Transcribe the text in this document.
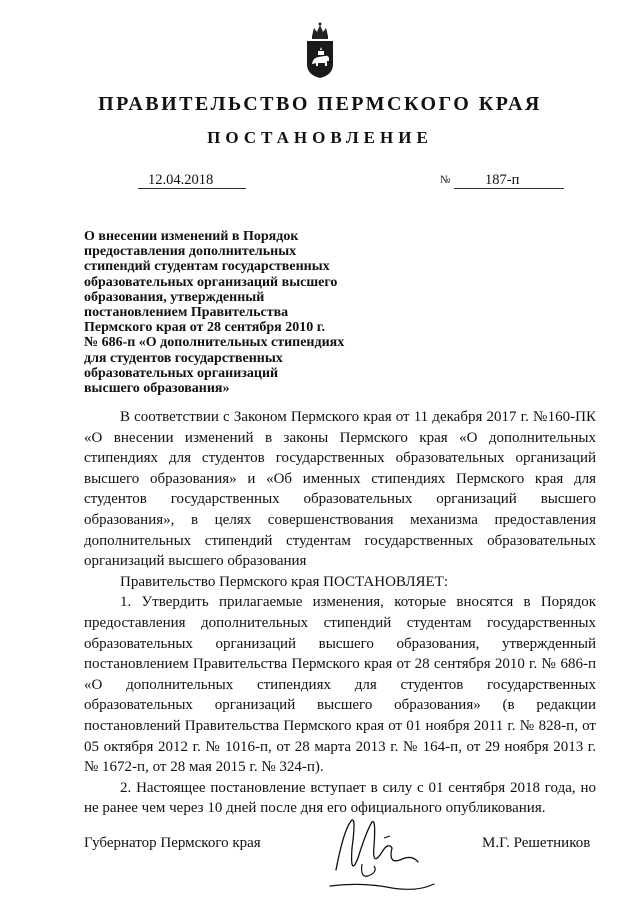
ПРАВИТЕЛЬСТВО ПЕРМСКОГО КРАЯ
ПОСТАНОВЛЕНИЕ
12.04.2018	№ 187-п
О внесении изменений в Порядок
предоставления дополнительных
стипендий студентам государственных
образовательных организаций высшего
образования, утвержденный
постановлением Правительства
Пермского края от 28 сентября 2010 г.
№ 686-п «О дополнительных стипендиях
для студентов государственных
образовательных организаций
высшего образования»

В соответствии с Законом Пермского края от 11 декабря 2017 г. №160-ПК «О внесении изменений в законы Пермского края «О дополнительных стипендиях для студентов государственных образовательных организаций высшего образования» и «Об именных стипендиях Пермского края для студентов государственных образовательных организаций высшего образования», в целях совершенствования механизма предоставления дополнительных стипендий студентам государственных образовательных организаций высшего образования

Правительство Пермского края ПОСТАНОВЛЯЕТ:

1. Утвердить прилагаемые изменения, которые вносятся в Порядок предоставления дополнительных стипендий студентам государственных образовательных организаций высшего образования, утвержденный постановлением Правительства Пермского края от 28 сентября 2010 г. № 686-п «О дополнительных стипендиях для студентов государственных образовательных организаций высшего образования» (в редакции постановлений Правительства Пермского края от 01 ноября 2011 г. № 828-п, от 05 октября 2012 г. № 1016-п, от 28 марта 2013 г. № 164-п, от 29 ноября 2013 г. № 1672-п, от 28 мая 2015 г. № 324-п).

2. Настоящее постановление вступает в силу с 01 сентября 2018 года, но не ранее чем через 10 дней после дня его официального опубликования.

Губернатор Пермского края	М.Г. Решетников
